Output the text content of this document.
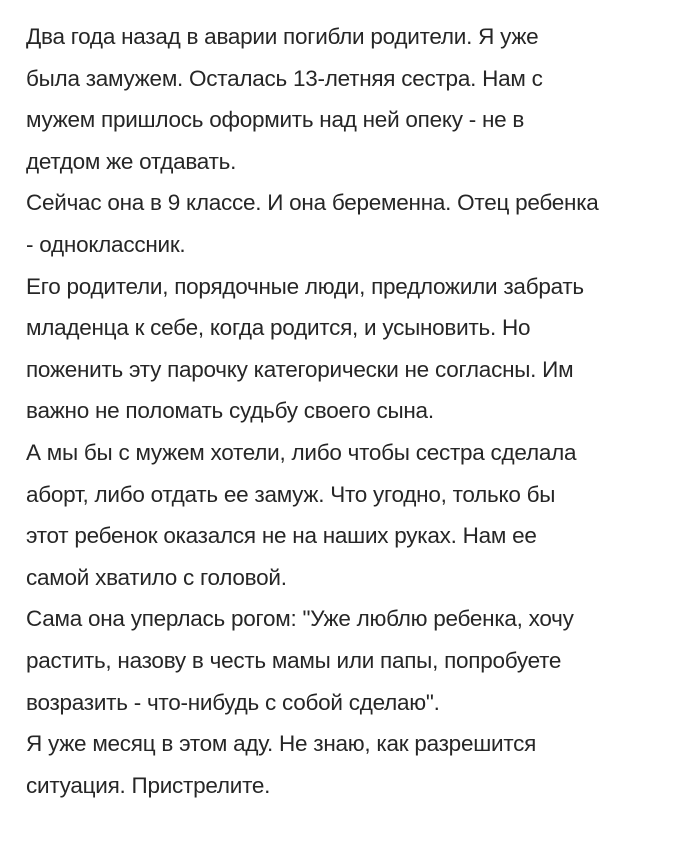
Два года назад в аварии погибли родители. Я уже
была замужем. Осталась 13-летняя сестра. Нам с
мужем пришлось оформить над ней опеку - не в
детдом же отдавать.
Сейчас она в 9 классе. И она беременна. Отец ребенка
- одноклассник.
Его родители, порядочные люди, предложили забрать
младенца к себе, когда родится, и усыновить. Но
поженить эту парочку категорически не согласны. Им
важно не поломать судьбу своего сына.
А мы бы с мужем хотели, либо чтобы сестра сделала
аборт, либо отдать ее замуж. Что угодно, только бы
этот ребенок оказался не на наших руках. Нам ее
самой хватило с головой.
Сама она уперлась рогом: "Уже люблю ребенка, хочу
растить, назову в честь мамы или папы, попробуете
возразить - что-нибудь с собой сделаю".
Я уже месяц в этом аду. Не знаю, как разрешится
ситуация. Пристрелите.
